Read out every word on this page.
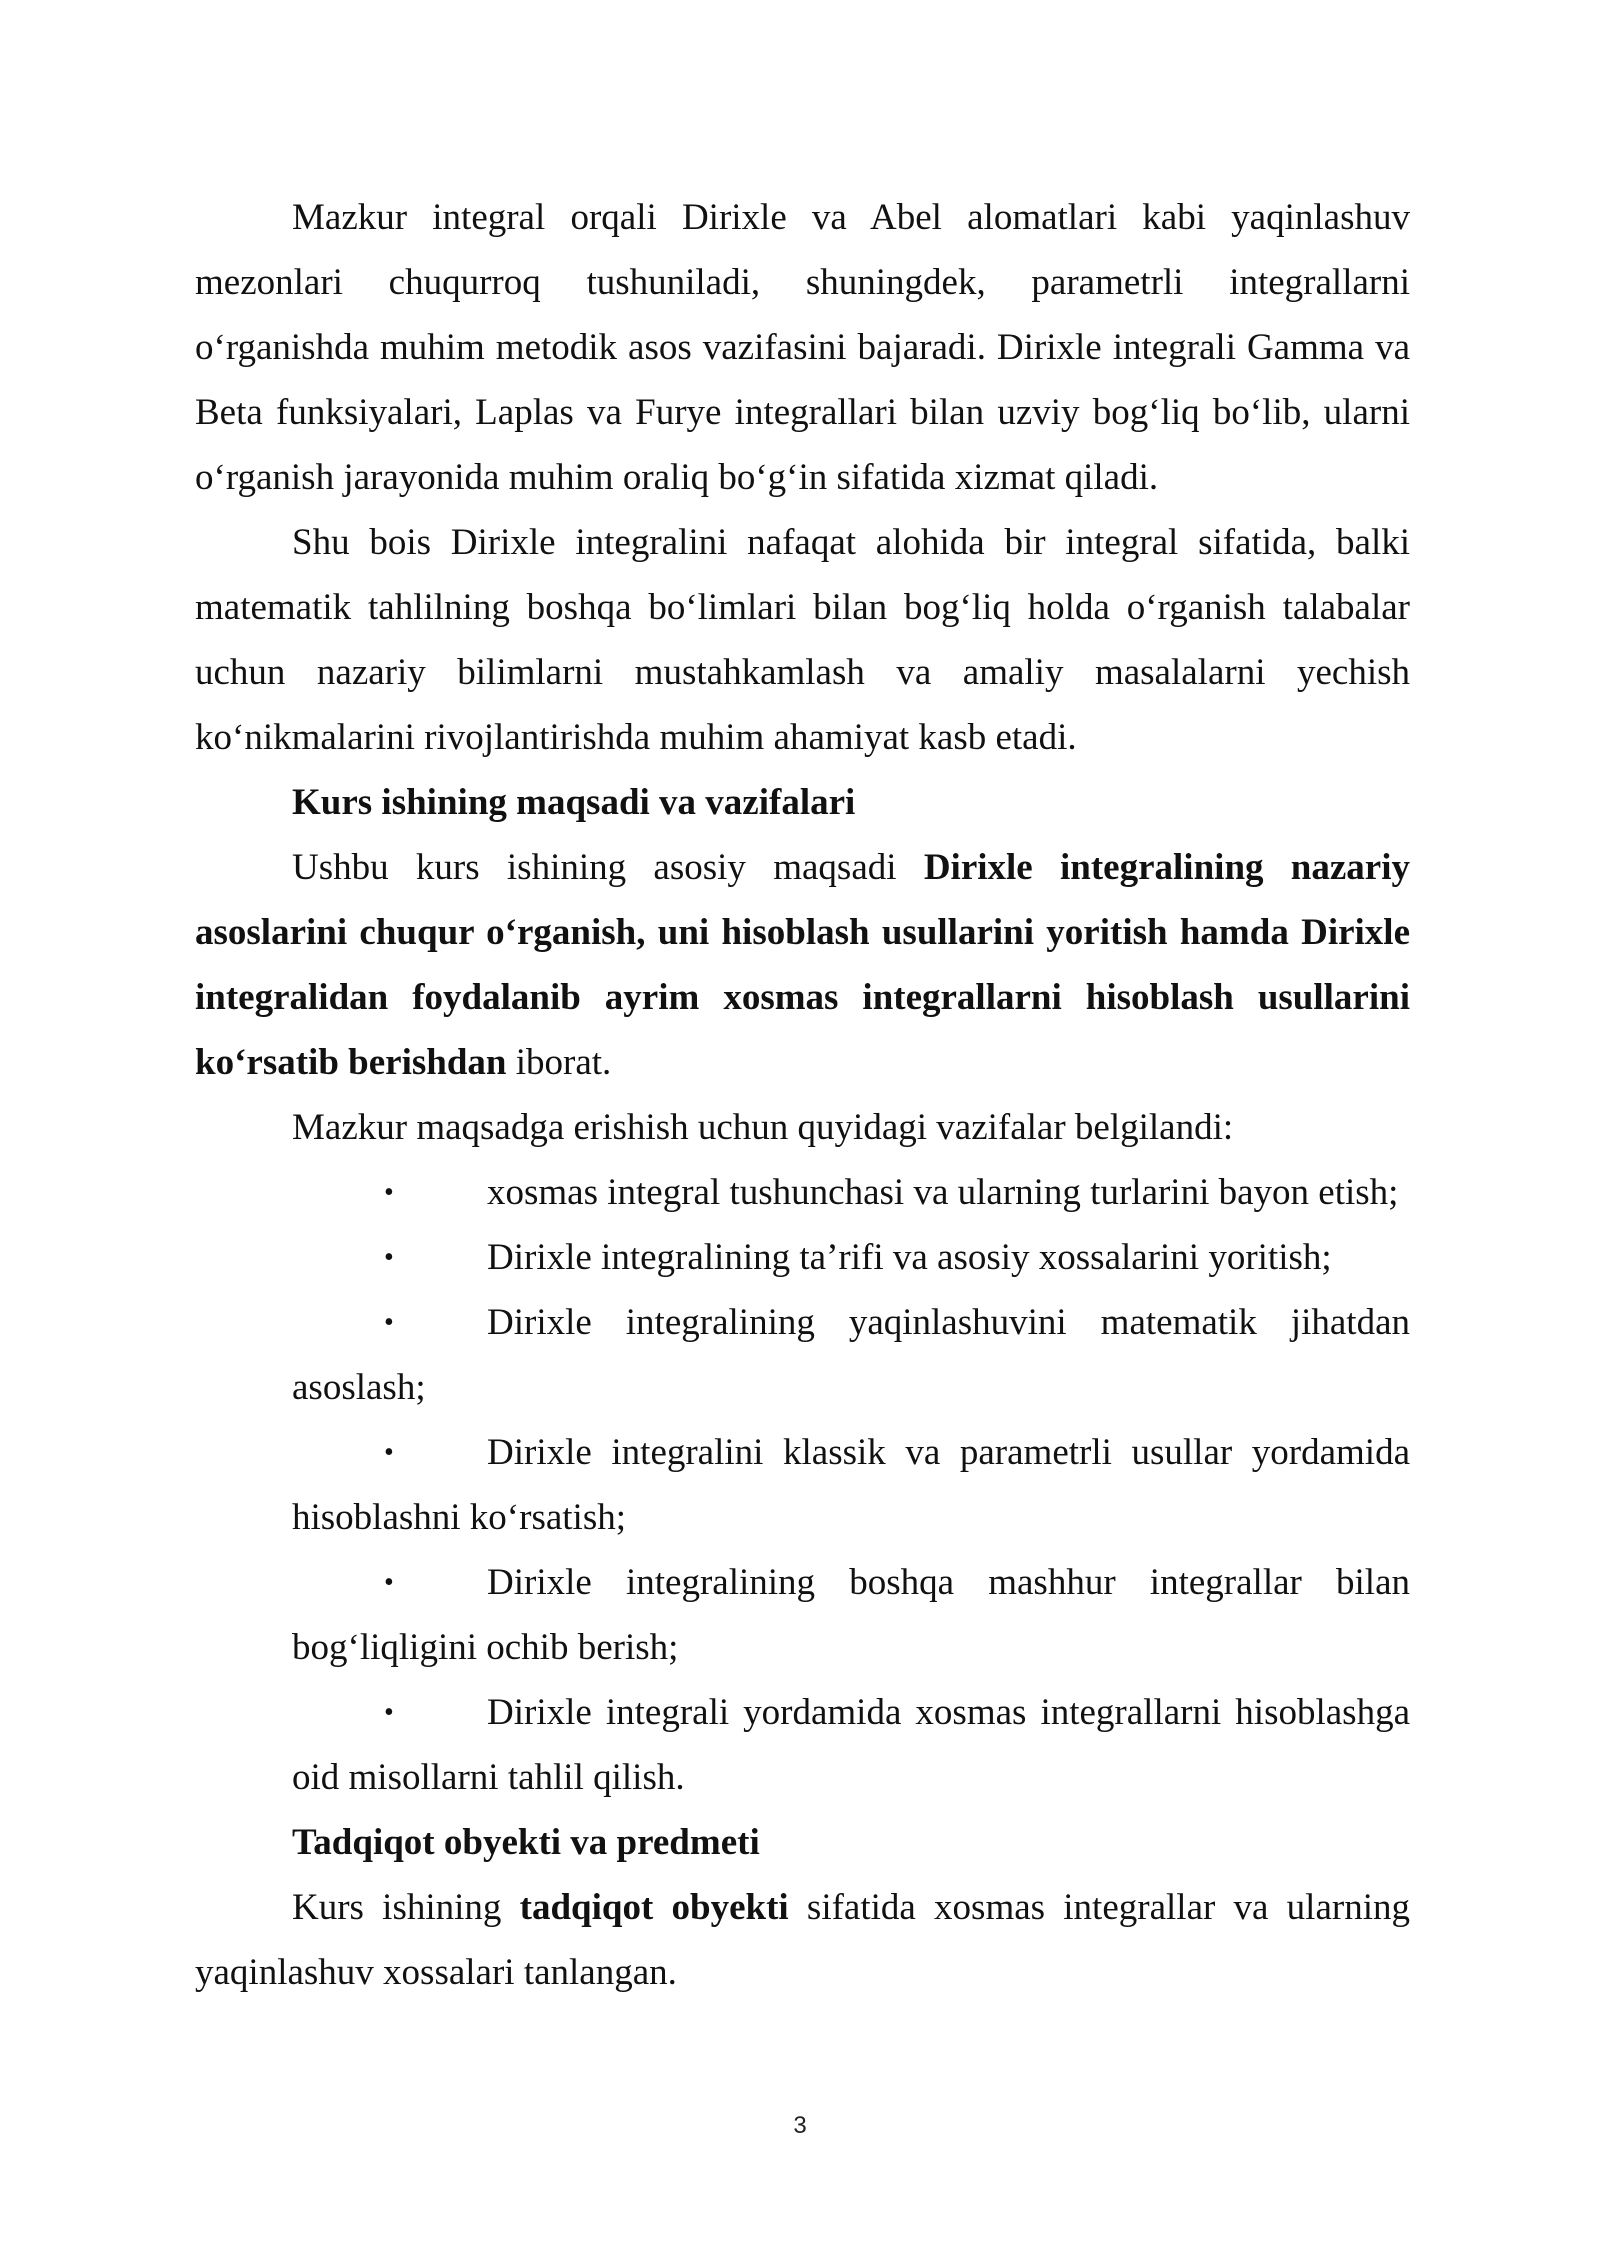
Mazkur integral orqali Dirixle va Abel alomatlari kabi yaqinlashuv mezonlari chuqurroq tushuniladi, shuningdek, parametrli integrallarni o‘rganishda muhim metodik asos vazifasini bajaradi. Dirixle integrali Gamma va Beta funksiyalari, Laplas va Furye integrallari bilan uzviy bog‘liq bo‘lib, ularni o‘rganish jarayonida muhim oraliq bo‘g‘in sifatida xizmat qiladi.

Shu bois Dirixle integralini nafaqat alohida bir integral sifatida, balki matematik tahlilning boshqa bo‘limlari bilan bog‘liq holda o‘rganish talabalar uchun nazariy bilimlarni mustahkamlash va amaliy masalalarni yechish ko‘nikmalarini rivojlantirishda muhim ahamiyat kasb etadi.

Kurs ishining maqsadi va vazifalari

Ushbu kurs ishining asosiy maqsadi Dirixle integralining nazariy asoslarini chuqur o‘rganish, uni hisoblash usullarini yoritish hamda Dirixle integralidan foydalanib ayrim xosmas integrallarni hisoblash usullarini ko‘rsatib berishdan iborat.

Mazkur maqsadga erishish uchun quyidagi vazifalar belgilandi:

•	xosmas integral tushunchasi va ularning turlarini bayon etish;
•	Dirixle integralining ta’rifi va asosiy xossalarini yoritish;
•	Dirixle integralining yaqinlashuvini matematik jihatdan asoslash;
•	Dirixle integralini klassik va parametrli usullar yordamida hisoblashni ko‘rsatish;
•	Dirixle integralining boshqa mashhur integrallar bilan bog‘liqligini ochib berish;
•	Dirixle integrali yordamida xosmas integrallarni hisoblashga oid misollarni tahlil qilish.

Tadqiqot obyekti va predmeti

Kurs ishining tadqiqot obyekti sifatida xosmas integrallar va ularning yaqinlashuv xossalari tanlangan.

3
